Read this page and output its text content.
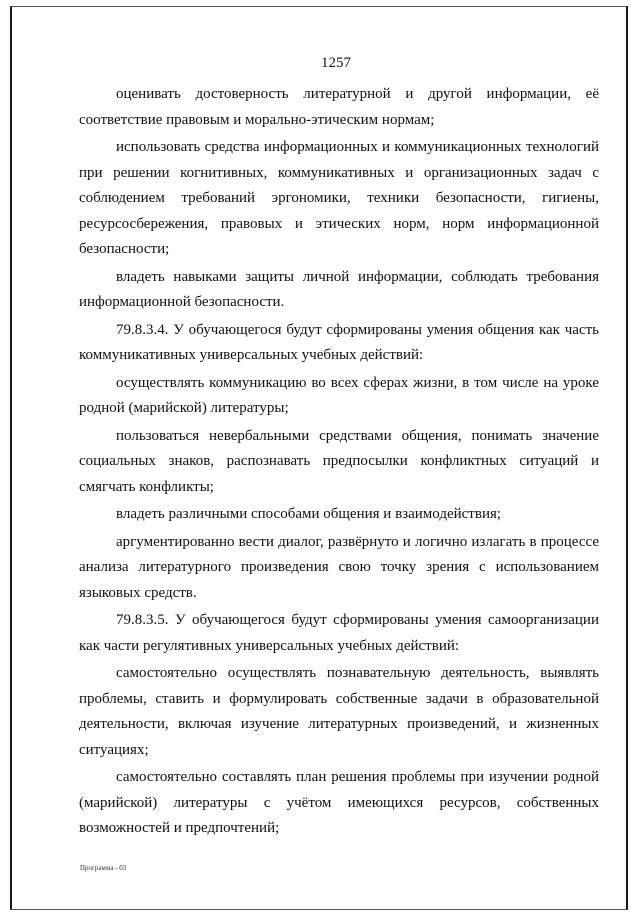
1257

оценивать достоверность литературной и другой информации, её соответствие правовым и морально-этическим нормам;

использовать средства информационных и коммуникационных технологий при решении когнитивных, коммуникативных и организационных задач с соблюдением требований эргономики, техники безопасности, гигиены, ресурсосбережения, правовых и этических норм, норм информационной безопасности;

владеть навыками защиты личной информации, соблюдать требования информационной безопасности.

79.8.3.4. У обучающегося будут сформированы умения общения как часть коммуникативных универсальных учебных действий:

осуществлять коммуникацию во всех сферах жизни, в том числе на уроке родной (марийской) литературы;

пользоваться невербальными средствами общения, понимать значение социальных знаков, распознавать предпосылки конфликтных ситуаций и смягчать конфликты;

владеть различными способами общения и взаимодействия;

аргументированно вести диалог, развёрнуто и логично излагать в процессе анализа литературного произведения свою точку зрения с использованием языковых средств.

79.8.3.5. У обучающегося будут сформированы умения самоорганизации как части регулятивных универсальных учебных действий:

самостоятельно осуществлять познавательную деятельность, выявлять проблемы, ставить и формулировать собственные задачи в образовательной деятельности, включая изучение литературных произведений, и жизненных ситуациях;

самостоятельно составлять план решения проблемы при изучении родной (марийской) литературы с учётом имеющихся ресурсов, собственных возможностей и предпочтений;

Программа - 03
